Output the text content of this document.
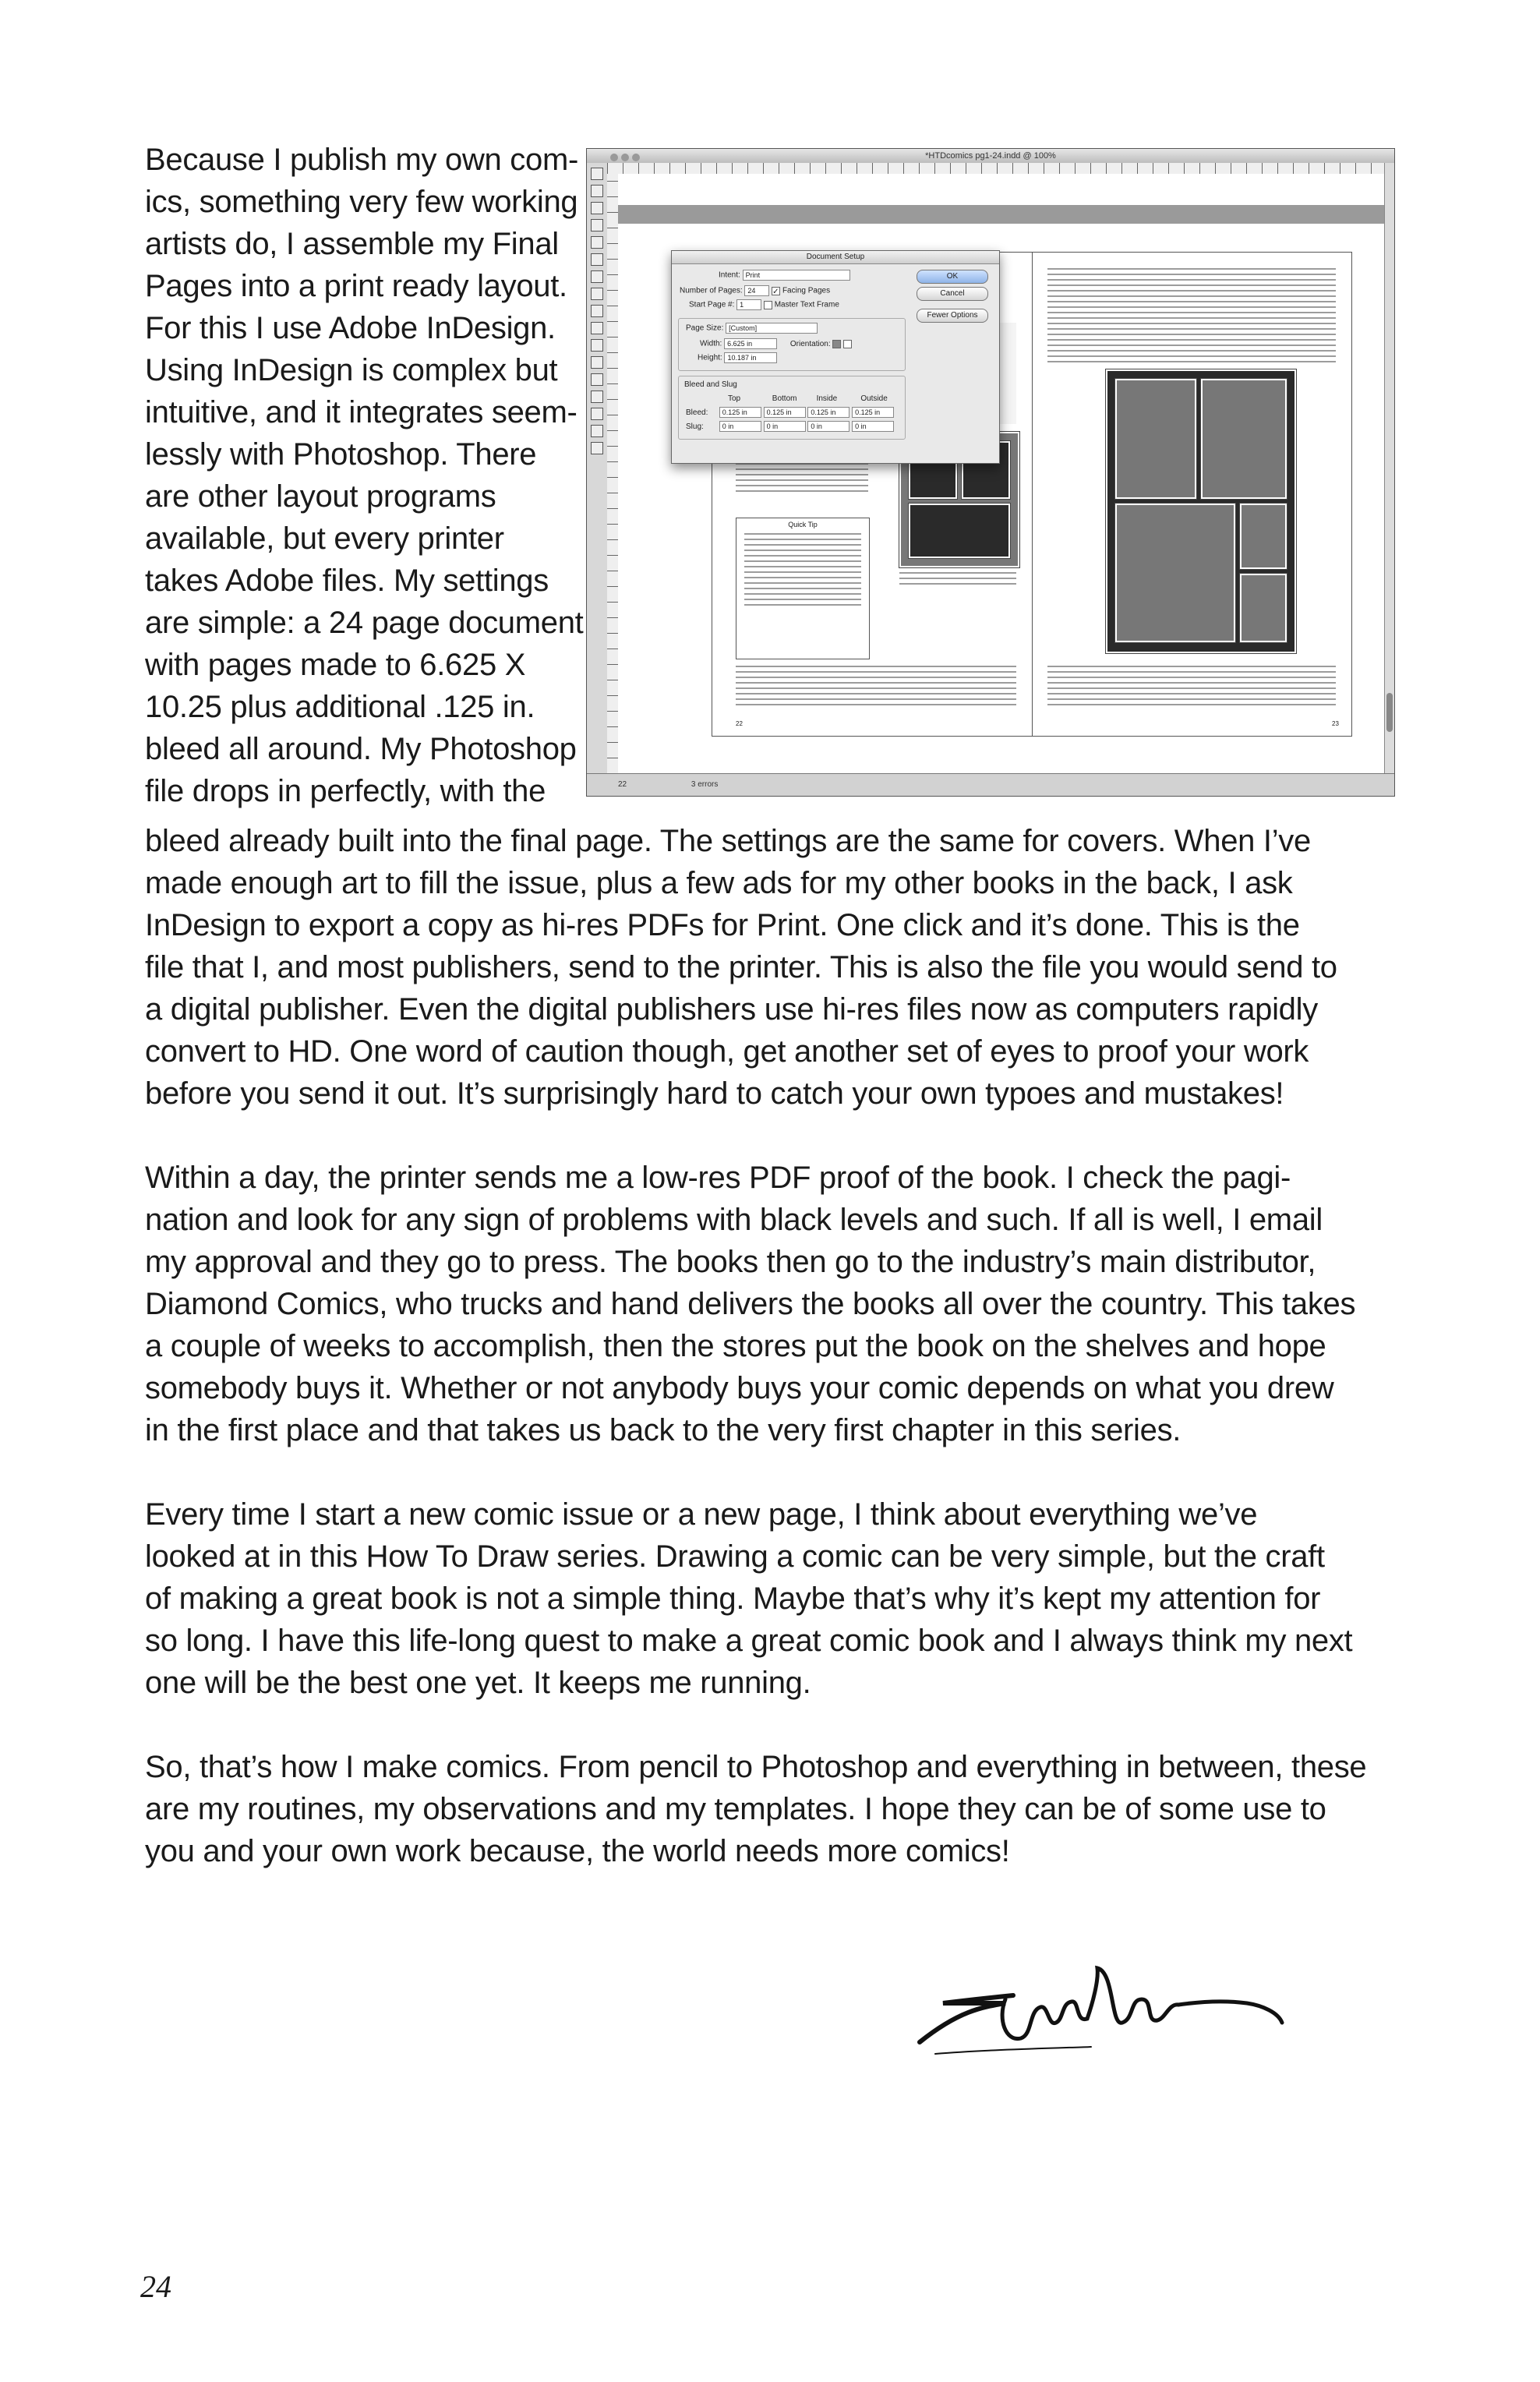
Because I publish my own com-

ics, something very few working

artists do, I assemble my Final

Pages into a print ready layout.

For this I use Adobe InDesign.

Using InDesign is complex but

intuitive, and it integrates seem-

lessly with Photoshop. There

are other layout programs

available, but every printer

takes Adobe files. My settings

are simple: a 24 page document

with pages made to 6.625 X

10.25 plus additional .125 in.

bleed all around. My Photoshop

file drops in perfectly, with the

*HTDcomics pg1-24.indd @ 100%
Quick Tip
22	23
Document Setup
Intent: Print
Number of Pages: 24 ✓ Facing Pages
Start Page #: 1	Master Text Frame
Page Size: [Custom]
Width: 6.625 in	Orientation:
Height: 10.187 in
Bleed and Slug
Top	Bottom	Inside	Outside
Bleed: 0.125 in	0.125 in	0.125 in	0.125 in
Slug:	0 in	0 in	0 in	0 in
OK
Cancel
Fewer Options
22	3 errors

bleed already built into the final page. The settings are the same for covers. When I’ve

made enough art to fill the issue, plus a few ads for my other books in the back, I ask

InDesign to export a copy as hi-res PDFs for Print. One click and it’s done. This is the

file that I, and most publishers, send to the printer. This is also the file you would send to

a digital publisher. Even the digital publishers use hi-res files now as computers rapidly

convert to HD. One word of caution though, get another set of eyes to proof your work

before you send it out. It’s surprisingly hard to catch your own typoes and mustakes!

Within a day, the printer sends me a low-res PDF proof of the book. I check the pagi-

nation and look for any sign of problems with black levels and such. If all is well, I email

my approval and they go to press. The books then go to the industry’s main distributor,

Diamond Comics, who trucks and hand delivers the books all over the country. This takes

a couple of weeks to accomplish, then the stores put the book on the shelves and hope

somebody buys it. Whether or not anybody buys your comic depends on what you drew

in the first place and that takes us back to the very first chapter in this series.

Every time I start a new comic issue or a new page, I think about everything we’ve

looked at in this How To Draw series. Drawing a comic can be very simple, but the craft

of making a great book is not a simple thing. Maybe that’s why it’s kept my attention for

so long. I have this life-long quest to make a great comic book and I always think my next

one will be the best one yet. It keeps me running.

So, that’s how I make comics. From pencil to Photoshop and everything in between, these

are my routines, my observations and my templates. I hope they can be of some use to

you and your own work because, the world needs more comics!

24
